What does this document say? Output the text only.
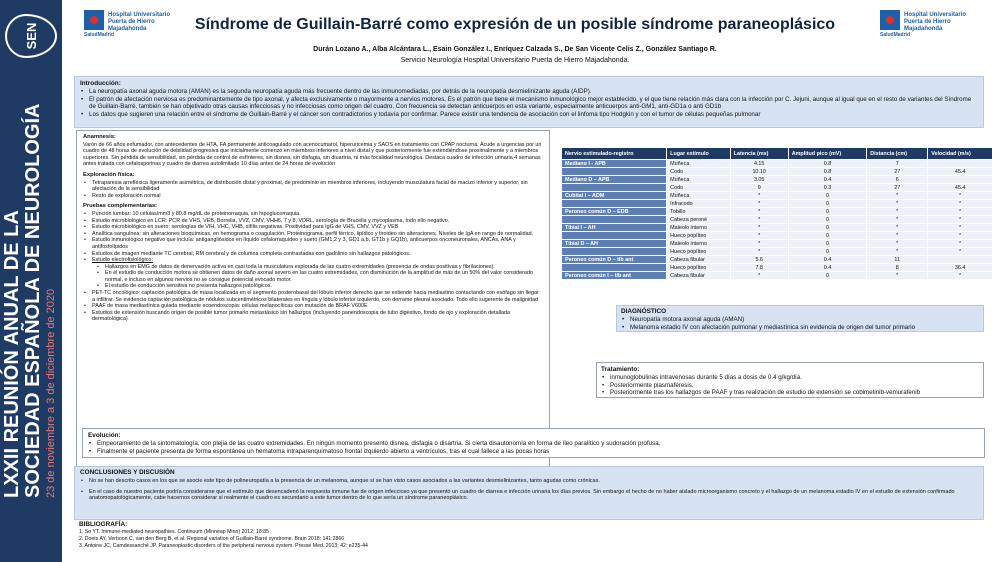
SEN
LXXII REUNIÓN ANUAL DE LA SOCIEDAD ESPAÑOLA DE NEUROLOGÍA 23 de noviembre a 3 de diciembre de 2020
SaludMadrid
Hospital Universitario Puerta de Hierro Majadahonda
SaludMadrid
Hospital Universitario Puerta de Hierro Majadahonda
Síndrome de Guillain-Barré como expresión de un posible síndrome paraneoplásico
Durán Lozano A., Alba Alcántara L., Esain González I., Enríquez Calzada S., De San Vicente Celis Z., González Santiago R.
Servicio Neurología Hospital Universitario Puerta de Hierro Majadahonda.
Introducción:
• La neuropatía axonal aguda motora (AMAN) es la segunda neuropatía aguda más frecuente dentro de las inmunomediadas, por detrás de la neuropatía desmielinizante aguda (AIDP).
• El patrón de afectación nerviosa es predominantemente de tipo axonal, y afecta exclusivamente o mayormente a nervios motores. Es el patrón que tiene el mecanismo inmunológico mejor establecido, y el que tiene relación más clara con la infección por C. Jejuni, aunque al igual que en el resto de variantes del Síndrome de Guillain-Barré, también se han objetivado otras causas infecciosas y no infecciosas como origen del cuadro. Con frecuencia se detectan anticuerpos en esta variante, especialmente anticuerpos anti-GM1, anti-GD1a o anti GD1b
• Los datos que sugieren una relación entre el síndrome de Guillain-Barré y el cáncer son contradictorios y todavía por confirmar. Parece existir una tendencia de asociación con el linfoma tipo Hodgkin y con el tumor de células pequeñas pulmonar
Anamnesis:
Varón de 66 años exfumador, con antecedentes de HTA, FA permanente anticoagulado con acenocumarol, hiperuricemia y SAOS en tratamiento con CPAP nocturna. Acude a urgencias por un cuadro de 48 horas de evolución de debilidad progresiva que inicialmente comenzó en miembros inferiores a nivel distal y que posteriormente fue extendiéndose proximalmente y a miembros superiores. Sin pérdida de sensibilidad, sin pérdida de control de esfínteres, sin disnea, sin disfagia, sin diuartria, ni más focalidad neurológica. Destaca cuadro de infección urinaria 4 semanas antes tratada con cefalosporinas y cuadro de diarrea autolimitado 10 días antes de 24 horas de evolución
Exploración física:
• Tetraparesia arrefléxica ligeramente asimétrica, de distribución distal y proximal, de predominio en miembros inferiores, incluyendo musculatura facial de macizo inferior y superior, sin afectación de la sensibilidad
• Resto de exploración normal
Pruebas complementarias:
• Punción lumbar: 10 células/mm3 y 80.8 mg/dL de proteinorraquia, sin hipoglucorraquia.
• Estudio microbiológico en LCR: PCR de VHS, VEB, Borrelia, VVZ, CMV, VHH6, 7 y 8, VDRL, serología de Brucella y mycoplasma, todo ello negativo.
• Estudio microbiológico en suero: serologías de VIH, VHC, VHB, sífilis negativas. Positividad para IgG de VHS, CMV, VVZ y VEB
• Analítica sanguínea: sin alteraciones bioquímicas, en hemograma o coagulación. Proteinograma, perfil férrico, lipídico y tiroideo sin alteraciones. Niveles de IgA en rango de normalidad.
• Estudio inmunológico negativo que incluía: antigangliósidos en líquido cefalorraquídeo y suero (GM1,2 y 3, GD1 a,b, GT1b y GQ1b), anticuerpos onconeuronales, ANCAs, ANA y antifosfolípidos
• Estudios de imagen mediante TC cerebral, RM cerebral y de columna completa contrastadas con gadolinio sin hallazgos patológicos.
• Estudio electrofisiológico:
• Hallazgos en EMG de datos de denervación activa en casi toda la musculatura explorada de las cuatro extremidades (presencia de ondas positivas y fibrilaciones).
• En el estudio de conducción motora se obtienen datos de daño axonal severo en las cuatro extremidades, con disminución de la amplitud de más de un 50% del valor considerado normal, e incluso en algunos nervios no se consigue potencial evocado motor.
• El estudio de conducción sensitiva no presenta hallazgos patológicos.
• PET-TC oncológico: captación patológica de masa localizada en el segmento posterobasal del lóbulo inferior derecho que se extiende hacia mediastino contactando con esófago sin llegar a infiltrar. Se evidencia captación patológica de nódulos subcentimétricos bilaterales en língula y lóbulo inferior izquierdo, con derrame pleural asociado. Todo ello sugerente de malignidad
• PAAF de masa mediastínica guiada mediante ecoendoscopia: células melanocíticas con mutación de BRAF V600E
• Estudios de extensión buscando origen de posible tumor primario metastásico sin hallazgos (incluyendo panendoscopia de tubo digestivo, fondo de ojo y exploración detallada dermatológica)
Nervio estimulado-registro	Lugar estímulo	Latencia (ms)	Amplitud pico (mV)	Distancia (cm)	Velocidad (m/s)
Mediano I - APB	Muñeca	4.15	0.8	7	
	Codo	10.10	0.8	27	45.4
Mediano D – APB	Muñeca	3.05	0.4	6	
	Codo	9	0.3	27	45.4
Cubital I – ADM	Muñeca	*	0	*	*
	Infracodo	*	0	*	*
Peroneo común D – EDB	Tobillo	*	0	*	*
	Cabeza peroné	*	0	*	*
Tibial I – AH	Maleolo interno	*	0	*	*
	Hueco poplíteo	*	0	*	*
Tibial D – AH	Maleolo interno	*	0	*	*
	Hueco poplíteo	*	0	*	*
Peroneo común D – tib ant	Cabeza fibular	5.6	0.4	11	
	Hueco poplíteo	7.8	0.4	8	36.4
Peroneo común I – tib ant	Cabeza fibular	*	0	*	*
DIAGNÓSTICO
• Neuropatía motora axonal aguda (AMAN)
• Melanoma estadio IV con afectación pulmonar y mediastínica sin evidencia de origen del tumor primario
Tratamiento:
• inmunoglobulinas intravenosas durante 5 días a dosis de 0.4 g/kg/día.
• Posteriormente plasmaféresis.
• Posteriormente tras los hallazgos de PAAF y tras realización de estudio de extensión se cobimetinib-vemurafenib
Evolución:
• Empeoramiento de la sintomatología, con plejia de las cuatro extremidades. En ningún momento presentó disnea, disfagia o disartria. Si cierta disautonomía en forma de íleo paralítico y sudoración profusa.
• Finalmente el paciente presenta de forma espontánea un hematoma intraparenquimatoso frontal izquierdo abierto a ventrículos, tras el cual fallece a las pocas horas
CONCLUSIONES Y DISCUSIÓN
• No se han descrito casos en los que se asocie este tipo de polineuropatía a la presencia de un melanoma, aunque sí se han visto casos asociados a las variantes desmielinizantes, tanto agudas como crónicas.
• En el caso de nuestro paciente podría considerarse que el estímulo que desencadenó la respuesta inmune fue de origen infeccioso ya que presentó un cuadro de diarrea e infección urinaria los días previos. Sin embargo el hecho de no haber aislado microorganismo concreto y el hallazgo de un melanoma estadio IV en el estudio de extensión confirmado anatomopatológicamente, cabe hacernos considerar si realmente el cuadro es secundario a este tumor dentro de lo que sería un síndrome paraneoplásico.
BIBLIOGRAFÍA:
1. So YT. Immune-mediated neuropathies. Continuum (Minneap Minn) 2012; 18:85
2. Doets AY, Verboon C, van den Berg B, et al. Regional variation of Guillain-Barré syndrome. Brain 2018; 141:2866
3. Antoine JC, Camdessanché JP. Paraneoplastic disorders of the peripheral nervous system. Presse Med. 2013; 42: e235-44
